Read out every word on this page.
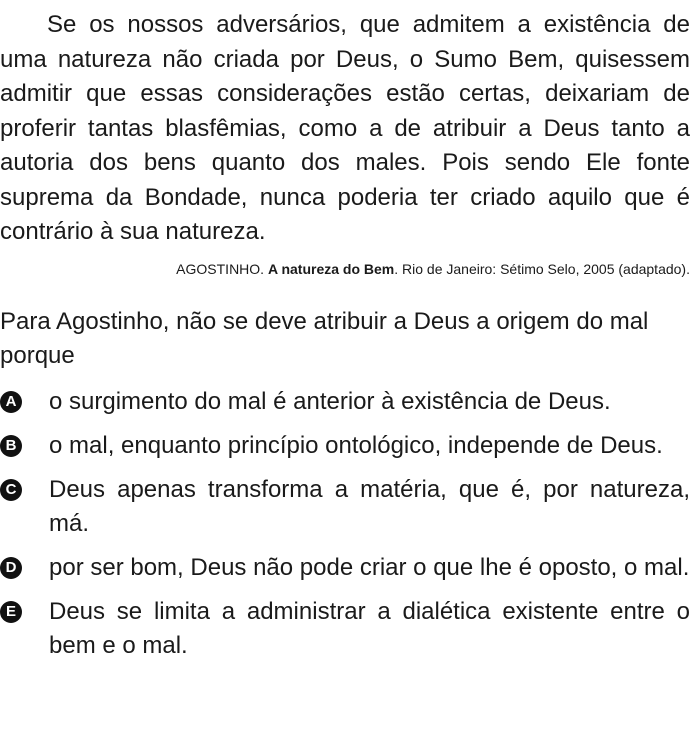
Se os nossos adversários, que admitem a existência de uma natureza não criada por Deus, o Sumo Bem, quisessem admitir que essas considerações estão certas, deixariam de proferir tantas blasfêmias, como a de atribuir a Deus tanto a autoria dos bens quanto dos males. Pois sendo Ele fonte suprema da Bondade, nunca poderia ter criado aquilo que é contrário à sua natureza.

AGOSTINHO. A natureza do Bem. Rio de Janeiro: Sétimo Selo, 2005 (adaptado).

Para Agostinho, não se deve atribuir a Deus a origem do mal porque

A o surgimento do mal é anterior à existência de Deus.
B o mal, enquanto princípio ontológico, independe de Deus.
C Deus apenas transforma a matéria, que é, por natureza, má.
D por ser bom, Deus não pode criar o que lhe é oposto, o mal.
E Deus se limita a administrar a dialética existente entre o bem e o mal.
